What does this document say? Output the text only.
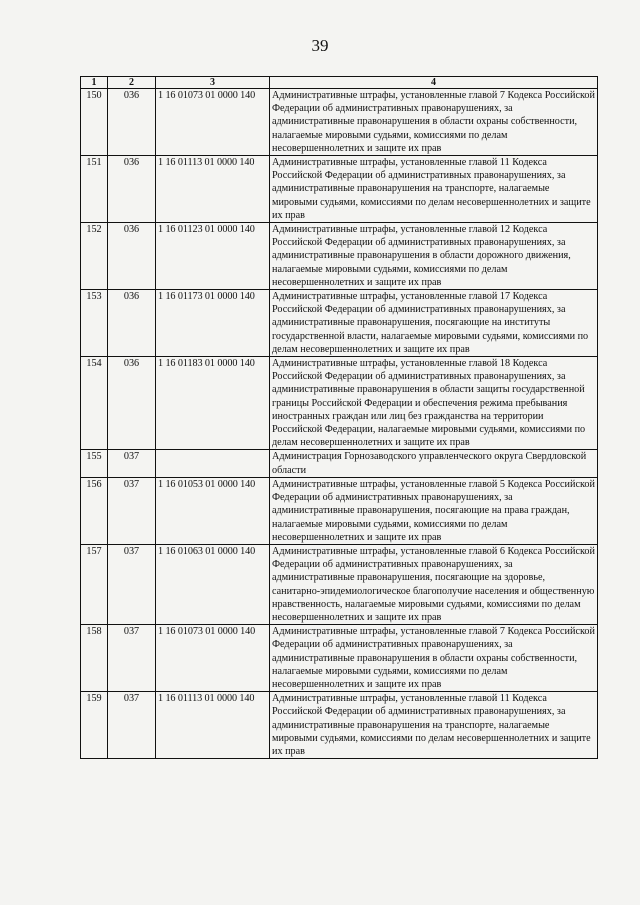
39
1	2	3	4
150	036	1 16 01073 01 0000 140	Административные штрафы, установленные главой 7 Кодекса Российской Федерации об административных правонарушениях, за административные правонарушения в области охраны собственности, налагаемые мировыми судьями, комиссиями по делам несовершеннолетних и защите их прав
151	036	1 16 01113 01 0000 140	Административные штрафы, установленные главой 11 Кодекса Российской Федерации об административных правонарушениях, за административные правонарушения на транспорте, налагаемые мировыми судьями, комиссиями по делам несовершеннолетних и защите их прав
152	036	1 16 01123 01 0000 140	Административные штрафы, установленные главой 12 Кодекса Российской Федерации об административных правонарушениях, за административные правонарушения в области дорожного движения, налагаемые мировыми судьями, комиссиями по делам несовершеннолетних и защите их прав
153	036	1 16 01173 01 0000 140	Административные штрафы, установленные главой 17 Кодекса Российской Федерации об административных правонарушениях, за административные правонарушения, посягающие на институты государственной власти, налагаемые мировыми судьями, комиссиями по делам несовершеннолетних и защите их прав
154	036	1 16 01183 01 0000 140	Административные штрафы, установленные главой 18 Кодекса Российской Федерации об административных правонарушениях, за административные правонарушения в области защиты государственной границы Российской Федерации и обеспечения режима пребывания иностранных граждан или лиц без гражданства на территории Российской Федерации, налагаемые мировыми судьями, комиссиями по делам несовершеннолетних и защите их прав
155	037		Администрация Горнозаводского управленческого округа Свердловской области
156	037	1 16 01053 01 0000 140	Административные штрафы, установленные главой 5 Кодекса Российской Федерации об административных правонарушениях, за административные правонарушения, посягающие на права граждан, налагаемые мировыми судьями, комиссиями по делам несовершеннолетних и защите их прав
157	037	1 16 01063 01 0000 140	Административные штрафы, установленные главой 6 Кодекса Российской Федерации об административных правонарушениях, за административные правонарушения, посягающие на здоровье, санитарно-эпидемиологическое благополучие населения и общественную нравственность, налагаемые мировыми судьями, комиссиями по делам несовершеннолетних и защите их прав
158	037	1 16 01073 01 0000 140	Административные штрафы, установленные главой 7 Кодекса Российской Федерации об административных правонарушениях, за административные правонарушения в области охраны собственности, налагаемые мировыми судьями, комиссиями по делам несовершеннолетних и защите их прав
159	037	1 16 01113 01 0000 140	Административные штрафы, установленные главой 11 Кодекса Российской Федерации об административных правонарушениях, за административные правонарушения на транспорте, налагаемые мировыми судьями, комиссиями по делам несовершеннолетних и защите их прав
